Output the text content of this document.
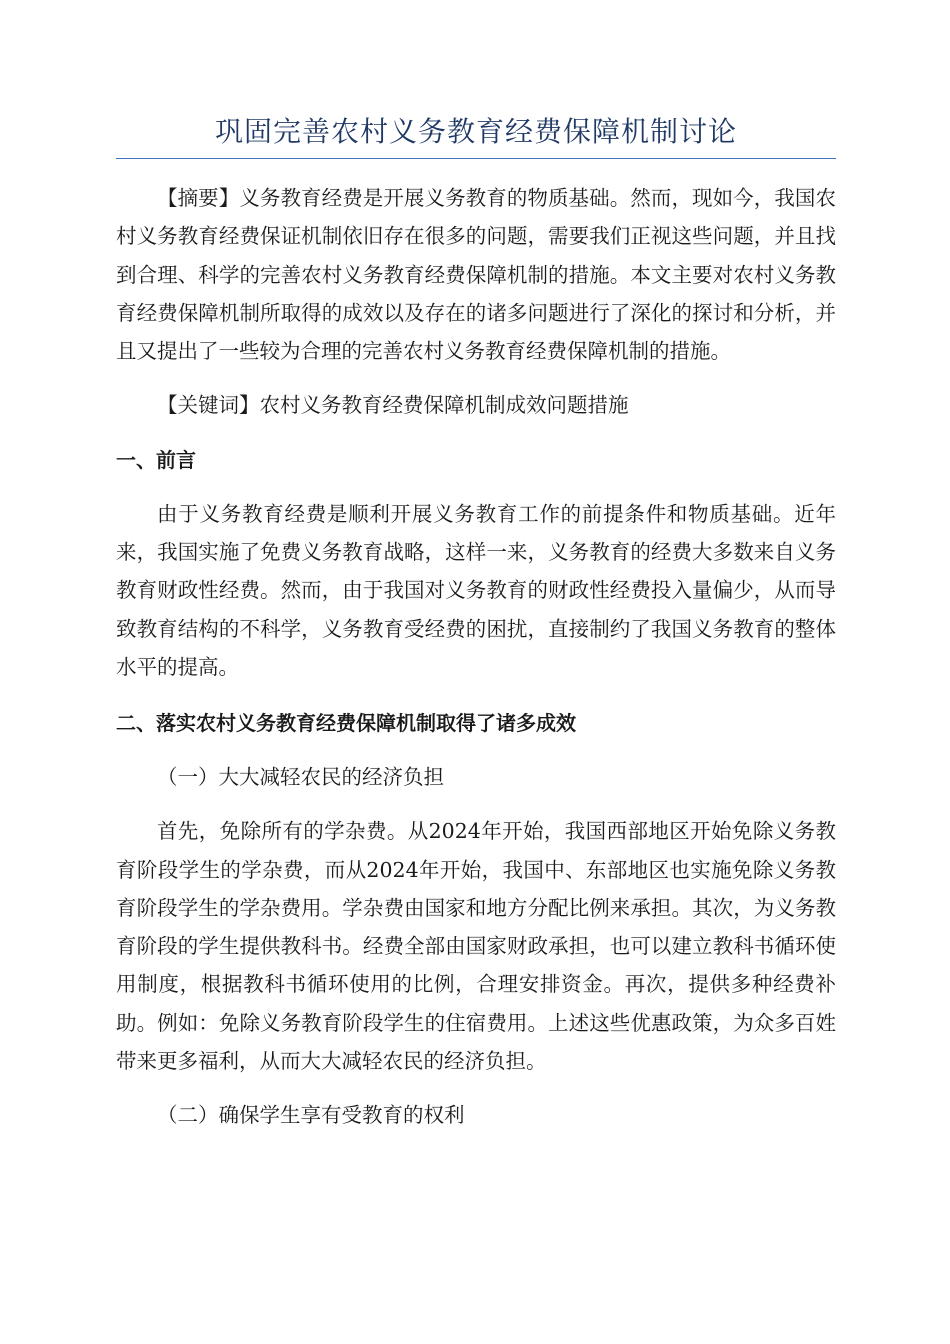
巩固完善农村义务教育经费保障机制讨论

【摘要】义务教育经费是开展义务教育的物质基础。然而，现如今，我国农村义务教育经费保证机制依旧存在很多的问题，需要我们正视这些问题，并且找到合理、科学的完善农村义务教育经费保障机制的措施。本文主要对农村义务教育经费保障机制所取得的成效以及存在的诸多问题进行了深化的探讨和分析，并且又提出了一些较为合理的完善农村义务教育经费保障机制的措施。

【关键词】农村义务教育经费保障机制成效问题措施

一、前言

由于义务教育经费是顺利开展义务教育工作的前提条件和物质基础。近年来，我国实施了免费义务教育战略，这样一来，义务教育的经费大多数来自义务教育财政性经费。然而，由于我国对义务教育的财政性经费投入量偏少，从而导致教育结构的不科学，义务教育受经费的困扰，直接制约了我国义务教育的整体水平的提高。

二、落实农村义务教育经费保障机制取得了诸多成效

（一）大大减轻农民的经济负担

首先，免除所有的学杂费。从2024年开始，我国西部地区开始免除义务教育阶段学生的学杂费，而从2024年开始，我国中、东部地区也实施免除义务教育阶段学生的学杂费用。学杂费由国家和地方分配比例来承担。其次，为义务教育阶段的学生提供教科书。经费全部由国家财政承担，也可以建立教科书循环使用制度，根据教科书循环使用的比例，合理安排资金。再次，提供多种经费补助。例如：免除义务教育阶段学生的住宿费用。上述这些优惠政策，为众多百姓带来更多福利，从而大大减轻农民的经济负担。

（二）确保学生享有受教育的权利
